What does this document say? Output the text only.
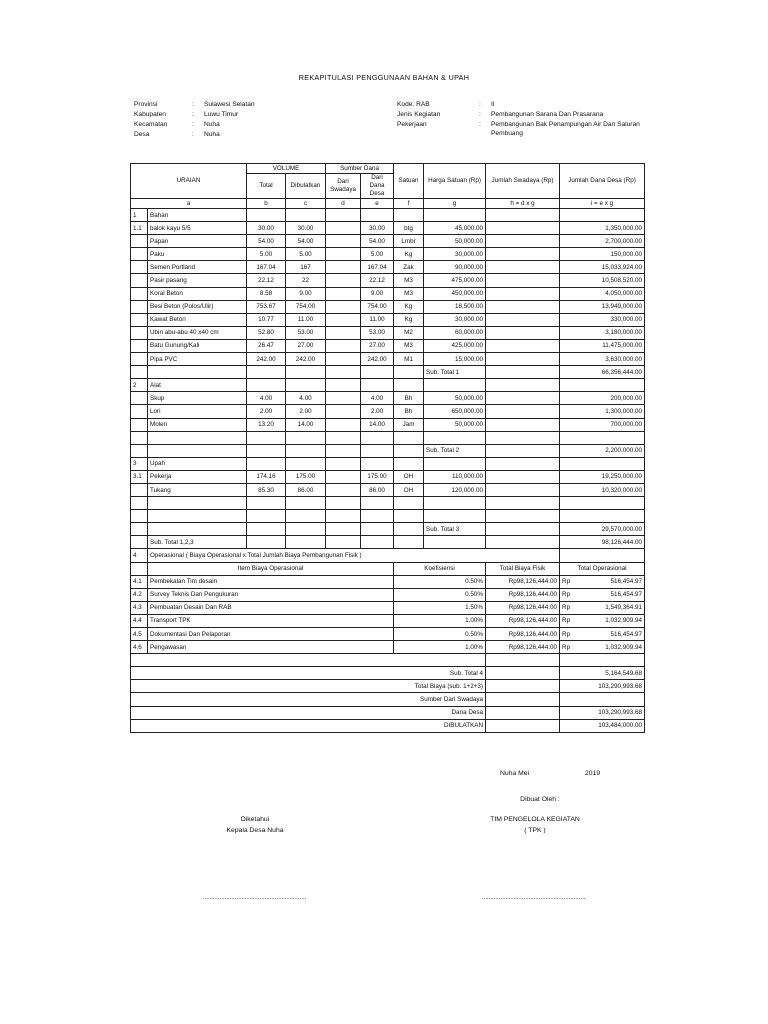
REKAPITULASI PENGGUNAAN BAHAN & UPAH
Provinsi	:	Sulawesi Selatan
Kabupaten	:	Luwu Timur
Kecamatan	:	Nuha
Desa	:	Nuha
Kode. RAB	:	II
Jenis Kegiatan	:	Pembangunan Sarana Dan Prasarana
Pekerjaan	:	Pembangunan Bak Penampungan Air Dan Saluran Pembuang
URAIAN		VOLUME		Sumber Dana		Satuan	Harga Satuan (Rp)	Jumlah Swadaya (Rp)	Jumlah Dana Desa (Rp)
		Total	Dibulatkan	Dari Swadaya	Dari Dana Desa				

a		b	c	d	e	f	g	h = d x g	i = e x g
1	Bahan								
1.1	balok kayu 5/5	30.00	30.00		30.00	btg	45,000.00		1,350,000.00
	Papan	54.00	54.00		54.00	Lmbr	50,000.00		2,700,000.00
	Paku	5.00	5.00		5.00	Kg	30,000.00		150,000.00
	Semen Portland	167.04	167		167.04	Zak	90,000.00		15,033,924.00
	Pasir pasang	22.12	22		22.12	M3	475,000.00		10,508,520.00
	Koral Beton	8.58	9.00		9.00	M3	450,000.00		4,050,000.00
	Besi Beton (Polos/Ulir)	753.67	754.00		754.00	Kg	18,500.00		13,949,000.00
	Kawat Beton	10.77	11.00		11.00	Kg	30,000.00		330,000.00
	Ubin abu-abu 40 x40 cm	52.80	53.00		53.00	M2	60,000.00		3,180,000.00
	Batu Gunung/Kali	26.47	27.00		27.00	M3	425,000.00		11,475,000.00
	Pipa PVC	242.00	242.00		242.00	M1	15,000.00		3,630,000.00
							Sub. Total 1		66,356,444.00
2	Alat								
	Skup	4.00	4.00		4.00	Bh	50,000.00		200,000.00
	Lori	2.00	2.00		2.00	Bh	650,000.00		1,300,000.00
	Molen	13.20	14.00		14.00	Jam	50,000.00		700,000.00

							Sub. Total 2		2,200,000.00
3	Upah								
3.1	Pekerja	174.16	175.00		175.00	OH	110,000.00		19,250,000.00
	Tukang	85.30	86.00		86.00	OH	120,000.00		10,320,000.00

							Sub. Total 3		29,570,000.00
	Sub. Total 1,2,3								98,126,444.00
4	Operasional ( Biaya Operasional x Total Jumlah Biaya Pembangunan Fisik )								
	Item Biaya Operasional					Koefisiensi		Total Biaya Fisik	Total Operasional
4.1	Pembekalan Tim desain					0.50%		Rp98,126,444.00	Rp 516,454.97

4.2	Survey Teknis Dan Pengukuran					0.50%		Rp98,126,444.00	Rp 516,454.97

4.3	Pembuatan Desain Dan RAB					1.50%		Rp98,126,444.00	Rp 1,549,364.91

4.4	Transport TPK					1.00%		Rp98,126,444.00	Rp 1,032,909.94

4.5	Dokumentasi Dan Pelaporan					0.50%		Rp98,126,444.00	Rp 516,454.97

4.6	Pengawasan					1.00%		Rp98,126,444.00	Rp 1,032,909.94

Sub. Total 4									5,164,549.68
Total Biaya (sub. 1+2+3)									103,290,993.68
Sumber Dari Swadaya									
Dana Desa									103,290,993.68
DIBULATKAN									103,484,000.00
Nuha Mei	2019
Dibuat Oleh :
Diketahui
Kepala Desa Nuha
TIM PENGELOLA KEGIATAN
( TPK )
..............................................................	..............................................................
